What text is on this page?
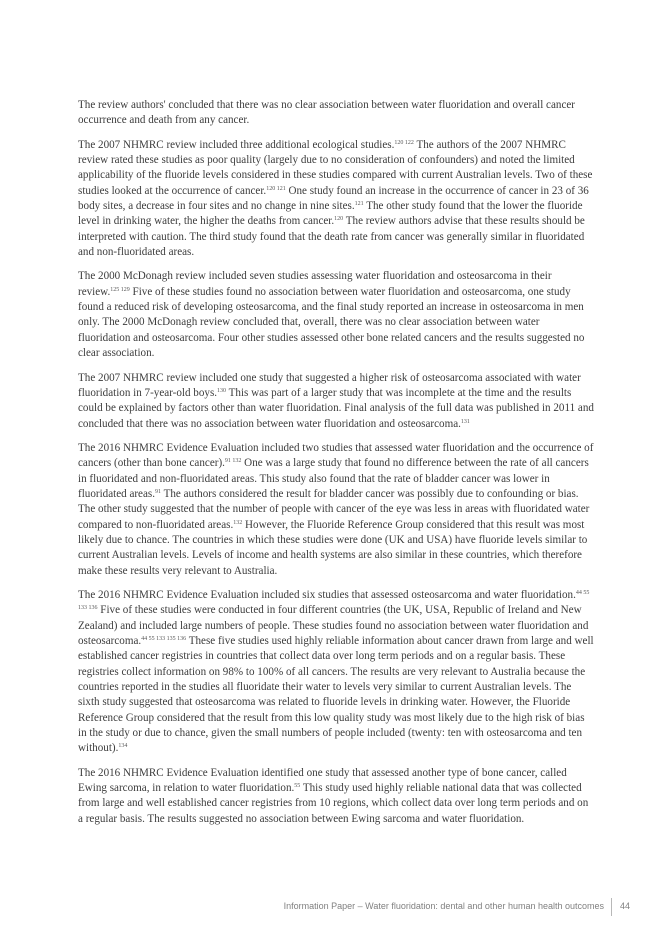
The review authors' concluded that there was no clear association between water fluoridation and overall cancer occurrence and death from any cancer.

The 2007 NHMRC review included three additional ecological studies.$^{120 122}$ The authors of the 2007 NHMRC review rated these studies as poor quality (largely due to no consideration of confounders) and noted the limited applicability of the fluoride levels considered in these studies compared with current Australian levels. Two of these studies looked at the occurrence of cancer.$^{120 121}$ One study found an increase in the occurrence of cancer in 23 of 36 body sites, a decrease in four sites and no change in nine sites.$^{121}$ The other study found that the lower the fluoride level in drinking water, the higher the deaths from cancer.$^{120}$ The review authors advise that these results should be interpreted with caution. The third study found that the death rate from cancer was generally similar in fluoridated and non-fluoridated areas.

The 2000 McDonagh review included seven studies assessing water fluoridation and osteosarcoma in their review.$^{125 129}$ Five of these studies found no association between water fluoridation and osteosarcoma, one study found a reduced risk of developing osteosarcoma, and the final study reported an increase in osteosarcoma in men only. The 2000 McDonagh review concluded that, overall, there was no clear association between water fluoridation and osteosarcoma. Four other studies assessed other bone related cancers and the results suggested no clear association.

The 2007 NHMRC review included one study that suggested a higher risk of osteosarcoma associated with water fluoridation in 7-year-old boys.$^{130}$ This was part of a larger study that was incomplete at the time and the results could be explained by factors other than water fluoridation. Final analysis of the full data was published in 2011 and concluded that there was no association between water fluoridation and osteosarcoma.$^{131}$

The 2016 NHMRC Evidence Evaluation included two studies that assessed water fluoridation and the occurrence of cancers (other than bone cancer).$^{91 132}$ One was a large study that found no difference between the rate of all cancers in fluoridated and non-fluoridated areas. This study also found that the rate of bladder cancer was lower in fluoridated areas.$^{91}$ The authors considered the result for bladder cancer was possibly due to confounding or bias. The other study suggested that the number of people with cancer of the eye was less in areas with fluoridated water compared to non-fluoridated areas.$^{132}$ However, the Fluoride Reference Group considered that this result was most likely due to chance. The countries in which these studies were done (UK and USA) have fluoride levels similar to current Australian levels. Levels of income and health systems are also similar in these countries, which therefore make these results very relevant to Australia.

The 2016 NHMRC Evidence Evaluation included six studies that assessed osteosarcoma and water fluoridation.$^{44 55 133 136}$ Five of these studies were conducted in four different countries (the UK, USA, Republic of Ireland and New Zealand) and included large numbers of people. These studies found no association between water fluoridation and osteosarcoma.$^{44 55 133 135 136}$ These five studies used highly reliable information about cancer drawn from large and well established cancer registries in countries that collect data over long term periods and on a regular basis. These registries collect information on 98% to 100% of all cancers. The results are very relevant to Australia because the countries reported in the studies all fluoridate their water to levels very similar to current Australian levels. The sixth study suggested that osteosarcoma was related to fluoride levels in drinking water. However, the Fluoride Reference Group considered that the result from this low quality study was most likely due to the high risk of bias in the study or due to chance, given the small numbers of people included (twenty: ten with osteosarcoma and ten without).$^{134}$

The 2016 NHMRC Evidence Evaluation identified one study that assessed another type of bone cancer, called Ewing sarcoma, in relation to water fluoridation.$^{55}$ This study used highly reliable national data that was collected from large and well established cancer registries from 10 regions, which collect data over long term periods and on a regular basis. The results suggested no association between Ewing sarcoma and water fluoridation.

Information Paper – Water fluoridation: dental and other human health outcomes 44
